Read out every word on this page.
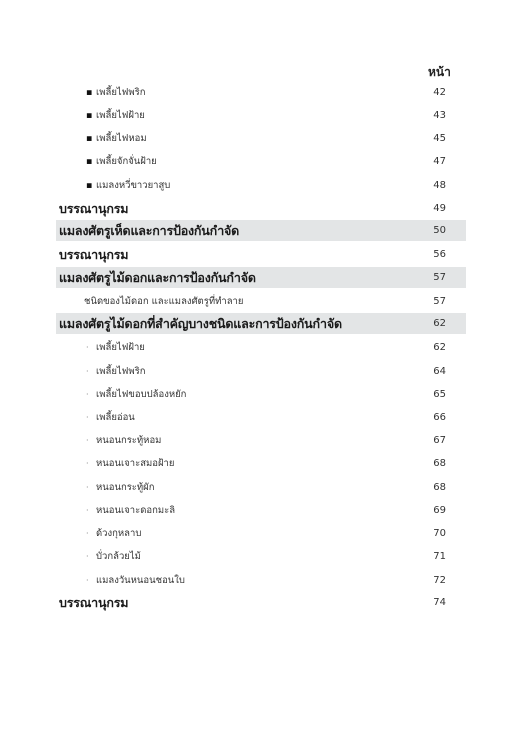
หน้า
▪ เพลี้ยไฟพริก	42
▪ เพลี้ยไฟฝ้าย	43
▪ เพลี้ยไฟหอม	45
▪ เพลี้ยจักจั่นฝ้าย	47
▪ แมลงหวี่ขาวยาสูบ	48
บรรณานุกรม	49
แมลงศัตรูเห็ดและการป้องกันกำจัด	50
บรรณานุกรม	56
แมลงศัตรูไม้ดอกและการป้องกันกำจัด	57
ชนิดของไม้ดอก และแมลงศัตรูที่ทำลาย	57
แมลงศัตรูไม้ดอกที่สำคัญบางชนิดและการป้องกันกำจัด	62
· เพลี้ยไฟฝ้าย	62
· เพลี้ยไฟพริก	64
· เพลี้ยไฟขอบปล้องหยัก	65
· เพลี้ยอ่อน	66
· หนอนกระทู้หอม	67
· หนอนเจาะสมอฝ้าย	68
· หนอนกระทู้ผัก	68
· หนอนเจาะดอกมะลิ	69
· ด้วงกุหลาบ	70
· บั่วกล้วยไม้	71
· แมลงวันหนอนชอนใบ	72
บรรณานุกรม	74
